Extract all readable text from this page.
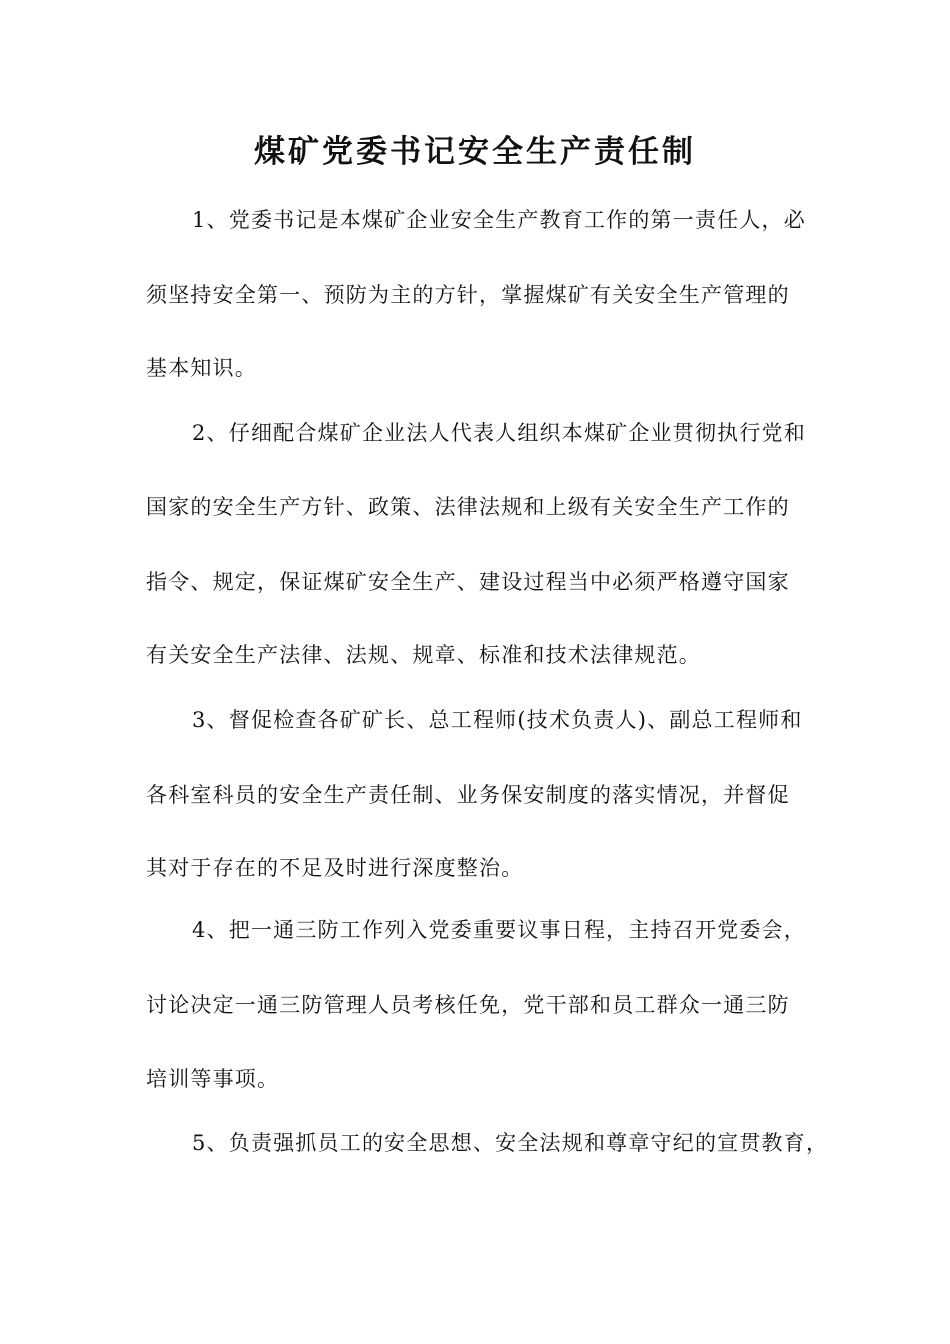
煤矿党委书记安全生产责任制

1、党委书记是本煤矿企业安全生产教育工作的第一责任人，必

须坚持安全第一、预防为主的方针，掌握煤矿有关安全生产管理的

基本知识。

2、仔细配合煤矿企业法人代表人组织本煤矿企业贯彻执行党和

国家的安全生产方针、政策、法律法规和上级有关安全生产工作的

指令、规定，保证煤矿安全生产、建设过程当中必须严格遵守国家

有关安全生产法律、法规、规章、标准和技术法律规范。

3、督促检查各矿矿长、总工程师(技术负责人)、副总工程师和

各科室科员的安全生产责任制、业务保安制度的落实情况，并督促

其对于存在的不足及时进行深度整治。

4、把一通三防工作列入党委重要议事日程，主持召开党委会，

讨论决定一通三防管理人员考核任免，党干部和员工群众一通三防

培训等事项。

5、负责强抓员工的安全思想、安全法规和尊章守纪的宣贯教育，
